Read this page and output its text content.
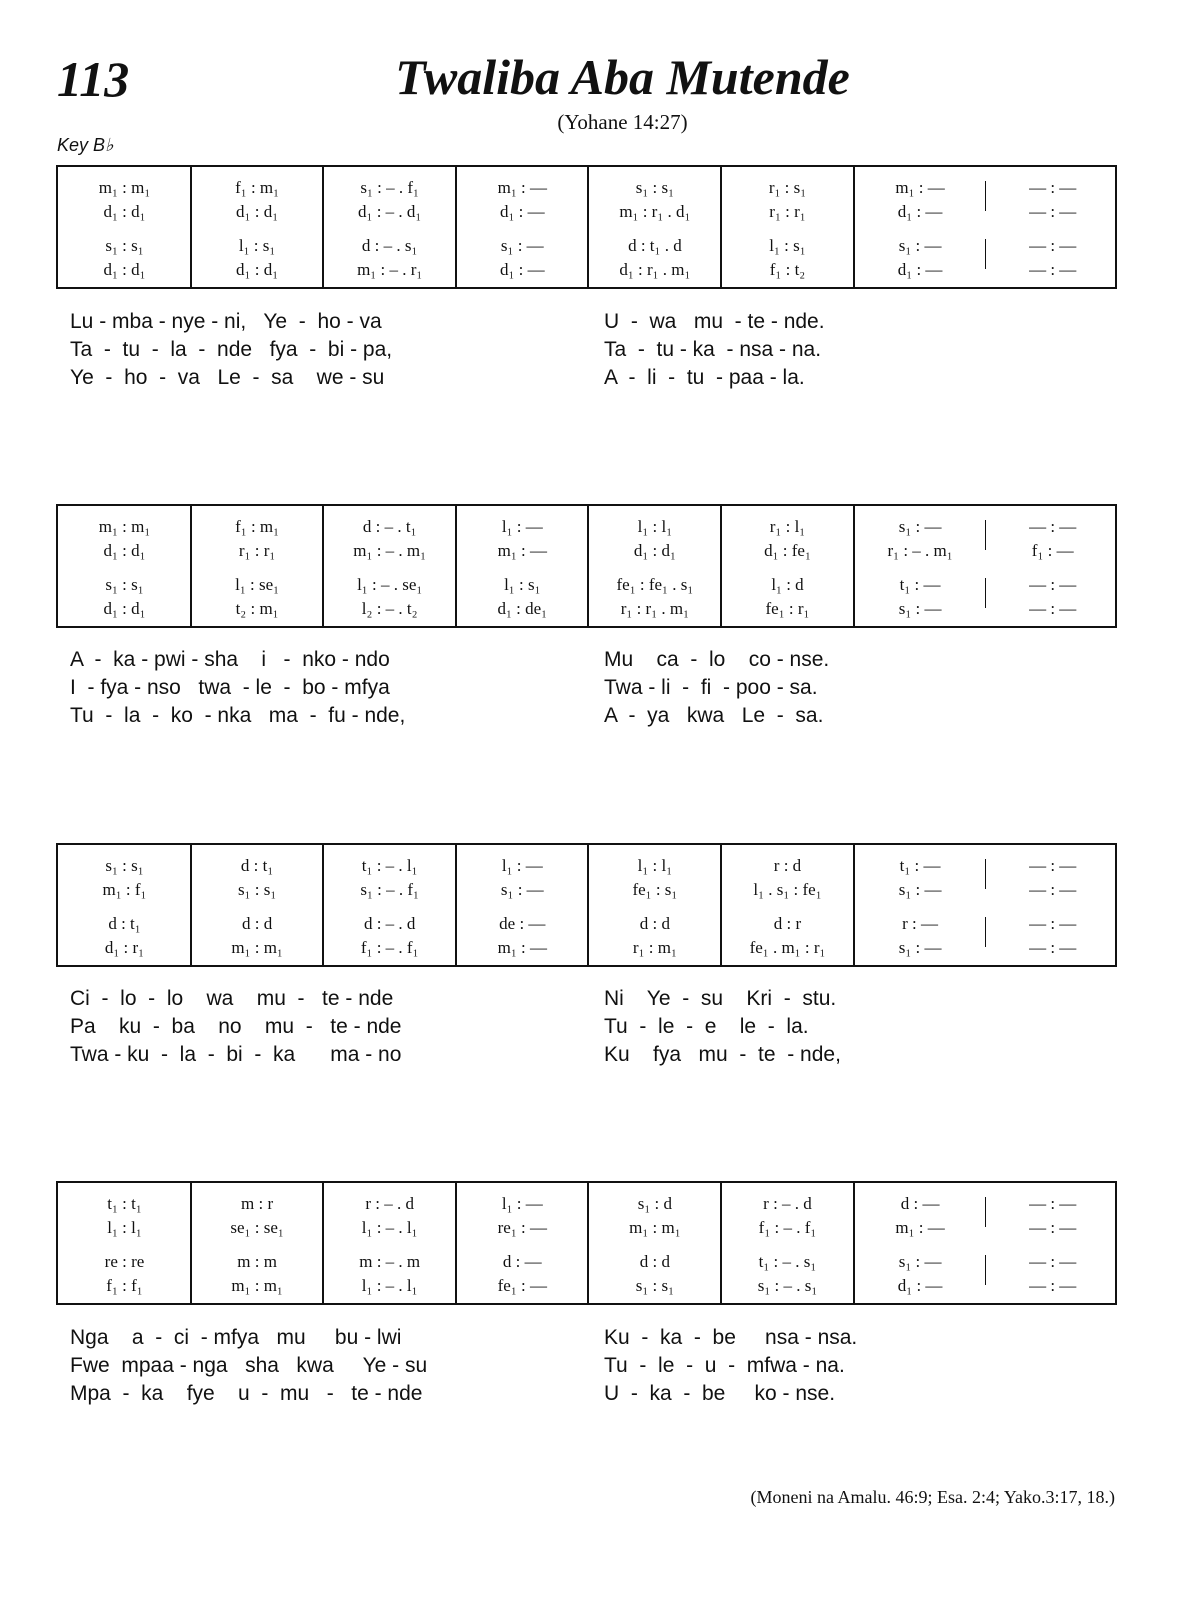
113	Twaliba Aba Mutende
(Yohane 14:27)
Key B♭
m₁ : m₁	f₁ : m₁	s₁ : – . f₁	m₁ : —	s₁ : s₁	r₁ : s₁	m₁ : —	— : —
d₁ : d₁	d₁ : d₁	d₁ : – . d₁	d₁ : —	m₁ : r₁ . d₁	r₁ : r₁	d₁ : —	— : —
s₁ : s₁	l₁ : s₁	d : – . s₁	s₁ : —	d : t₁ . d	l₁ : s₁	s₁ : —	— : —
d₁ : d₁	d₁ : d₁	m₁ : – . r₁	d₁ : —	d₁ : r₁ . m₁	f₁ : t₂	d₁ : —	— : —
Lu - mba - nye - ni,   Ye  -  ho - va	U  -  wa   mu  - te - nde.
Ta  -  tu  -  la  -  nde   fya  -  bi - pa,	Ta  -  tu - ka  - nsa - na.
Ye  -  ho  -  va   Le  -  sa    we - su	A  -  li  -  tu  - paa - la.
m₁ : m₁	f₁ : m₁	d : – . t₁	l₁ : —	l₁ : l₁	r₁ : l₁	s₁ : —	— : —
d₁ : d₁	r₁ : r₁	m₁ : – . m₁	m₁ : —	d₁ : d₁	d₁ : fe₁	r₁ : – . m₁	f₁ : —
s₁ : s₁	l₁ : se₁	l₁ : – . se₁	l₁ : s₁	fe₁ : fe₁ . s₁	l₁ : d	t₁ : —	— : —
d₁ : d₁	t₂ : m₁	l₂ : – . t₂	d₁ : de₁	r₁ : r₁ . m₁	fe₁ : r₁	s₁ : —	— : —
A  -  ka - pwi - sha    i   -  nko - ndo	Mu    ca  -  lo    co - nse.
I  - fya - nso   twa  - le  -  bo - mfya	Twa - li  -  fi  - poo - sa.
Tu  -  la  -  ko  - nka   ma  -  fu - nde,	A  -  ya   kwa   Le  -  sa.
s₁ : s₁	d : t₁	t₁ : – . l₁	l₁ : —	l₁ : l₁	r : d	t₁ : —	— : —
m₁ : f₁	s₁ : s₁	s₁ : – . f₁	s₁ : —	fe₁ : s₁	l₁ . s₁ : fe₁	s₁ : —	— : —
d : t₁	d : d	d : – . d	de : —	d : d	d : r	r : —	— : —
d₁ : r₁	m₁ : m₁	f₁ : – . f₁	m₁ : —	r₁ : m₁	fe₁ . m₁ : r₁	s₁ : —	— : —
Ci  -  lo  -  lo    wa    mu  -   te - nde	Ni    Ye  -  su    Kri  -  stu.
Pa    ku  -  ba    no    mu  -   te - nde	Tu  -  le  -  e    le  -  la.
Twa - ku  -  la  -  bi  -  ka      ma - no	Ku    fya   mu  -  te  - nde,
t₁ : t₁	m : r	r : – . d	l₁ : —	s₁ : d	r : – . d	d : —	— : —
l₁ : l₁	se₁ : se₁	l₁ : – . l₁	re₁ : —	m₁ : m₁	f₁ : – . f₁	m₁ : —	— : —
re : re	m : m	m : – . m	d : —	d : d	t₁ : – . s₁	s₁ : —	— : —
f₁ : f₁	m₁ : m₁	l₁ : – . l₁	fe₁ : —	s₁ : s₁	s₁ : – . s₁	d₁ : —	— : —
Nga    a  -  ci  - mfya   mu     bu - lwi	Ku  -  ka  -  be     nsa - nsa.
Fwe  mpaa - nga   sha   kwa     Ye - su	Tu  -  le  -  u  -  mfwa - na.
Mpa  -  ka    fye    u  -  mu   -   te - nde	U  -  ka  -  be     ko - nse.
(Moneni na Amalu. 46:9; Esa. 2:4; Yako.3:17, 18.)
